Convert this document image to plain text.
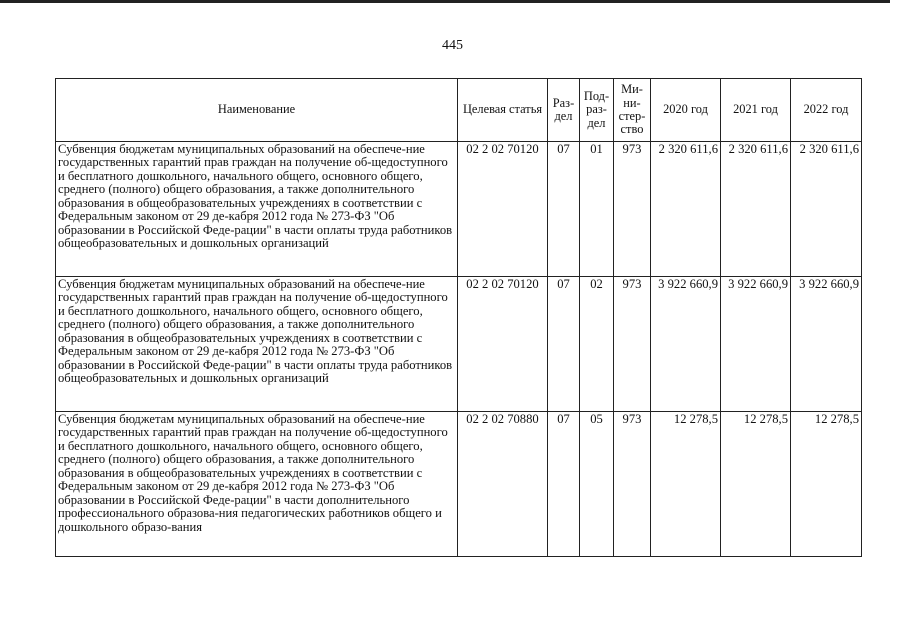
445
Наименование	Целевая статья	Раз-дел	Под-раз-дел	Ми-ни-стер-ство	2020 год	2021 год	2022 год
Субвенция бюджетам муниципальных образований на обеспече-ние государственных гарантий прав граждан на получение об-щедоступного и бесплатного дошкольного, начального общего, основного общего, среднего (полного) общего образования, а также дополнительного образования в общеобразовательных учреждениях в соответствии с Федеральным законом от 29 де-кабря 2012 года № 273-ФЗ "Об образовании в Российской Феде-рации" в части оплаты труда работников общеобразовательных и дошкольных организаций	02 2 02 70120	07	01	973	2 320 611,6	2 320 611,6	2 320 611,6
Субвенция бюджетам муниципальных образований на обеспече-ние государственных гарантий прав граждан на получение об-щедоступного и бесплатного дошкольного, начального общего, основного общего, среднего (полного) общего образования, а также дополнительного образования в общеобразовательных учреждениях в соответствии с Федеральным законом от 29 де-кабря 2012 года № 273-ФЗ "Об образовании в Российской Феде-рации" в части оплаты труда работников общеобразовательных и дошкольных организаций	02 2 02 70120	07	02	973	3 922 660,9	3 922 660,9	3 922 660,9
Субвенция бюджетам муниципальных образований на обеспече-ние государственных гарантий прав граждан на получение об-щедоступного и бесплатного дошкольного, начального общего, основного общего, среднего (полного) общего образования, а также дополнительного образования в общеобразовательных учреждениях в соответствии с Федеральным законом от 29 де-кабря 2012 года № 273-ФЗ "Об образовании в Российской Феде-рации" в части дополнительного профессионального образова-ния педагогических работников общего и дошкольного образо-вания	02 2 02 70880	07	05	973	12 278,5	12 278,5	12 278,5
